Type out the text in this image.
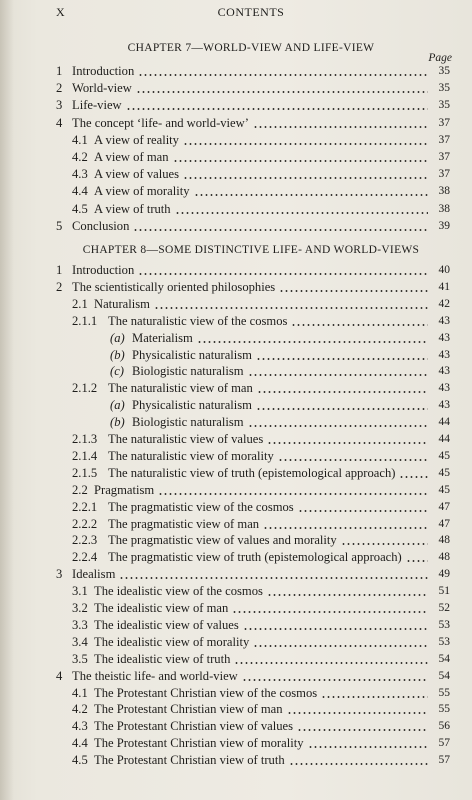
X	CONTENTS
Page
CHAPTER 7—WORLD-VIEW AND LIFE-VIEW
1 Introduction	35
2 World-view	35
3 Life-view	35
4 The concept ‘life- and world-view’	37
4.1 A view of reality	37
4.2 A view of man	37
4.3 A view of values	37
4.4 A view of morality	38
4.5 A view of truth	38
5 Conclusion	39
CHAPTER 8—SOME DISTINCTIVE LIFE- AND WORLD-VIEWS
1 Introduction	40
2 The scientistically oriented philosophies	41
2.1 Naturalism	42
2.1.1 The naturalistic view of the cosmos	43
(a) Materialism	43
(b) Physicalistic naturalism	43
(c) Biologistic naturalism	43
2.1.2 The naturalistic view of man	43
(a) Physicalistic naturalism	43
(b) Biologistic naturalism	44
2.1.3 The naturalistic view of values	44
2.1.4 The naturalistic view of morality	45
2.1.5 The naturalistic view of truth (epistemological approach)	45
2.2 Pragmatism	45
2.2.1 The pragmatistic view of the cosmos	47
2.2.2 The pragmatistic view of man	47
2.2.3 The pragmatistic view of values and morality	48
2.2.4 The pragmatistic view of truth (epistemological approach)	48
3 Idealism	49
3.1 The idealistic view of the cosmos	51
3.2 The idealistic view of man	52
3.3 The idealistic view of values	53
3.4 The idealistic view of morality	53
3.5 The idealistic view of truth	54
4 The theistic life- and world-view	54
4.1 The Protestant Christian view of the cosmos	55
4.2 The Protestant Christian view of man	55
4.3 The Protestant Christian view of values	56
4.4 The Protestant Christian view of morality	57
4.5 The Protestant Christian view of truth	57
